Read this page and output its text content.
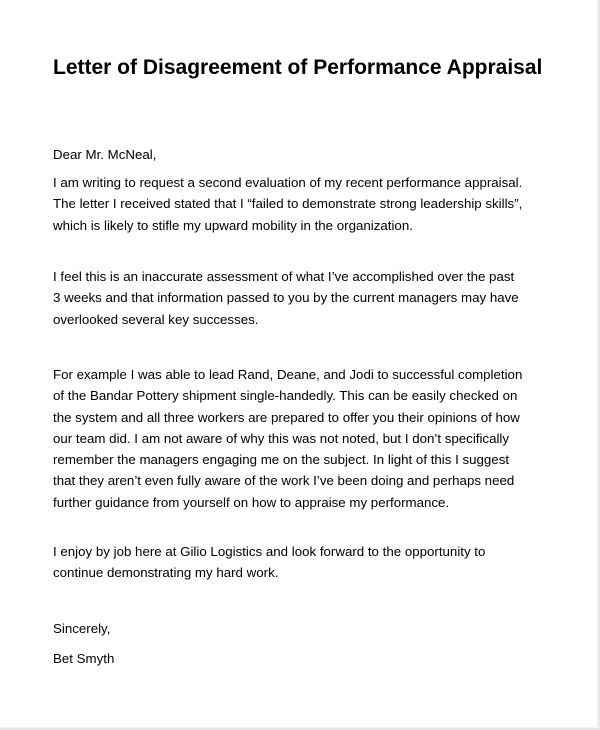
Letter of Disagreement of Performance Appraisal

Dear Mr. McNeal,

I am writing to request a second evaluation of my recent performance appraisal.
The letter I received stated that I “failed to demonstrate strong leadership skills”,
which is likely to stifle my upward mobility in the organization.

I feel this is an inaccurate assessment of what I’ve accomplished over the past
3 weeks and that information passed to you by the current managers may have
overlooked several key successes.

For example I was able to lead Rand, Deane, and Jodi to successful completion
of the Bandar Pottery shipment single-handedly. This can be easily checked on
the system and all three workers are prepared to offer you their opinions of how
our team did. I am not aware of why this was not noted, but I don’t specifically
remember the managers engaging me on the subject. In light of this I suggest
that they aren’t even fully aware of the work I’ve been doing and perhaps need
further guidance from yourself on how to appraise my performance.

I enjoy by job here at Gilio Logistics and look forward to the opportunity to
continue demonstrating my hard work.

Sincerely,

Bet Smyth
